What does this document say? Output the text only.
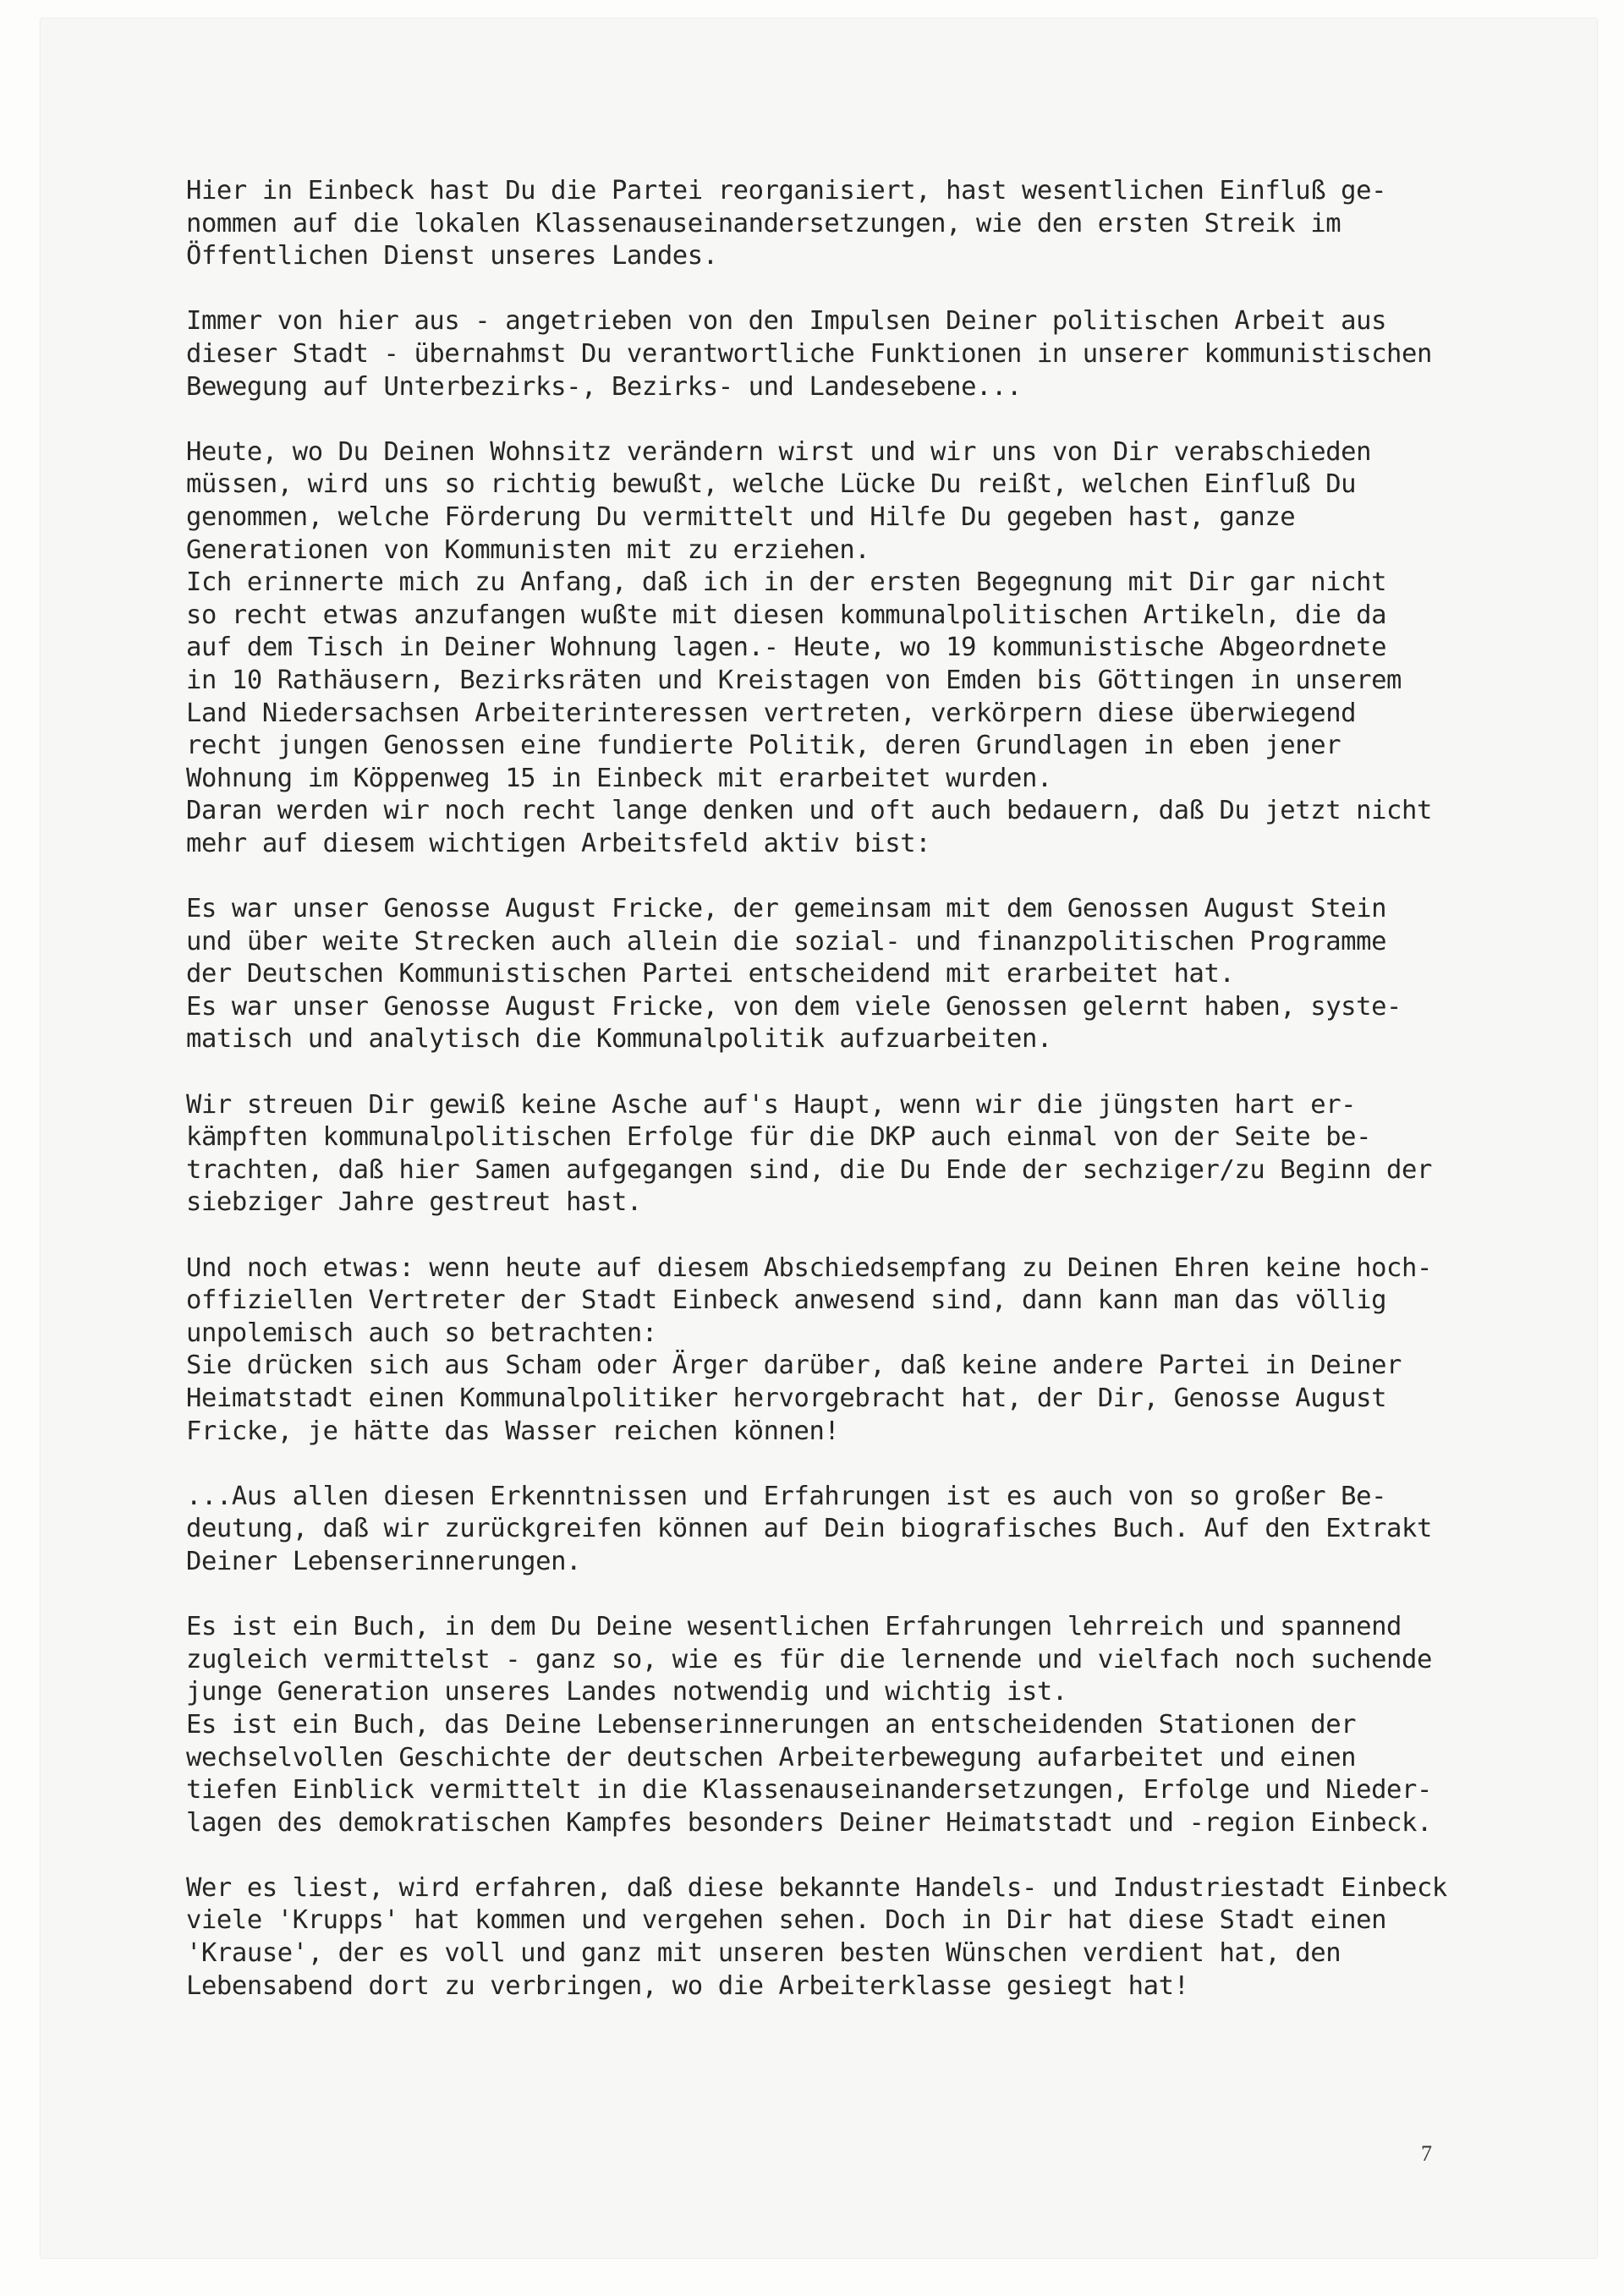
Hier in Einbeck hast Du die Partei reorganisiert, hast wesentlichen Einfluß ge-
nommen auf die lokalen Klassenauseinandersetzungen, wie den ersten Streik im
Öffentlichen Dienst unseres Landes.
Immer von hier aus - angetrieben von den Impulsen Deiner politischen Arbeit aus
dieser Stadt - übernahmst Du verantwortliche Funktionen in unserer kommunistischen
Bewegung auf Unterbezirks-, Bezirks- und Landesebene...
Heute, wo Du Deinen Wohnsitz verändern wirst und wir uns von Dir verabschieden
müssen, wird uns so richtig bewußt, welche Lücke Du reißt, welchen Einfluß Du
genommen, welche Förderung Du vermittelt und Hilfe Du gegeben hast, ganze
Generationen von Kommunisten mit zu erziehen.
Ich erinnerte mich zu Anfang, daß ich in der ersten Begegnung mit Dir gar nicht
so recht etwas anzufangen wußte mit diesen kommunalpolitischen Artikeln, die da
auf dem Tisch in Deiner Wohnung lagen.- Heute, wo 19 kommunistische Abgeordnete
in 10 Rathäusern, Bezirksräten und Kreistagen von Emden bis Göttingen in unserem
Land Niedersachsen Arbeiterinteressen vertreten, verkörpern diese überwiegend
recht jungen Genossen eine fundierte Politik, deren Grundlagen in eben jener
Wohnung im Köppenweg 15 in Einbeck mit erarbeitet wurden.
Daran werden wir noch recht lange denken und oft auch bedauern, daß Du jetzt nicht
mehr auf diesem wichtigen Arbeitsfeld aktiv bist:
Es war unser Genosse August Fricke, der gemeinsam mit dem Genossen August Stein
und über weite Strecken auch allein die sozial- und finanzpolitischen Programme
der Deutschen Kommunistischen Partei entscheidend mit erarbeitet hat.
Es war unser Genosse August Fricke, von dem viele Genossen gelernt haben, syste-
matisch und analytisch die Kommunalpolitik aufzuarbeiten.
Wir streuen Dir gewiß keine Asche auf's Haupt, wenn wir die jüngsten hart er-
kämpften kommunalpolitischen Erfolge für die DKP auch einmal von der Seite be-
trachten, daß hier Samen aufgegangen sind, die Du Ende der sechziger/zu Beginn der
siebziger Jahre gestreut hast.
Und noch etwas: wenn heute auf diesem Abschiedsempfang zu Deinen Ehren keine hoch-
offiziellen Vertreter der Stadt Einbeck anwesend sind, dann kann man das völlig
unpolemisch auch so betrachten:
Sie drücken sich aus Scham oder Ärger darüber, daß keine andere Partei in Deiner
Heimatstadt einen Kommunalpolitiker hervorgebracht hat, der Dir, Genosse August
Fricke, je hätte das Wasser reichen können!
...Aus allen diesen Erkenntnissen und Erfahrungen ist es auch von so großer Be-
deutung, daß wir zurückgreifen können auf Dein biografisches Buch. Auf den Extrakt
Deiner Lebenserinnerungen.
Es ist ein Buch, in dem Du Deine wesentlichen Erfahrungen lehrreich und spannend
zugleich vermittelst - ganz so, wie es für die lernende und vielfach noch suchende
junge Generation unseres Landes notwendig und wichtig ist.
Es ist ein Buch, das Deine Lebenserinnerungen an entscheidenden Stationen der
wechselvollen Geschichte der deutschen Arbeiterbewegung aufarbeitet und einen
tiefen Einblick vermittelt in die Klassenauseinandersetzungen, Erfolge und Nieder-
lagen des demokratischen Kampfes besonders Deiner Heimatstadt und -region Einbeck.
Wer es liest, wird erfahren, daß diese bekannte Handels- und Industriestadt Einbeck
viele 'Krupps' hat kommen und vergehen sehen. Doch in Dir hat diese Stadt einen
'Krause', der es voll und ganz mit unseren besten Wünschen verdient hat, den
Lebensabend dort zu verbringen, wo die Arbeiterklasse gesiegt hat!
7
